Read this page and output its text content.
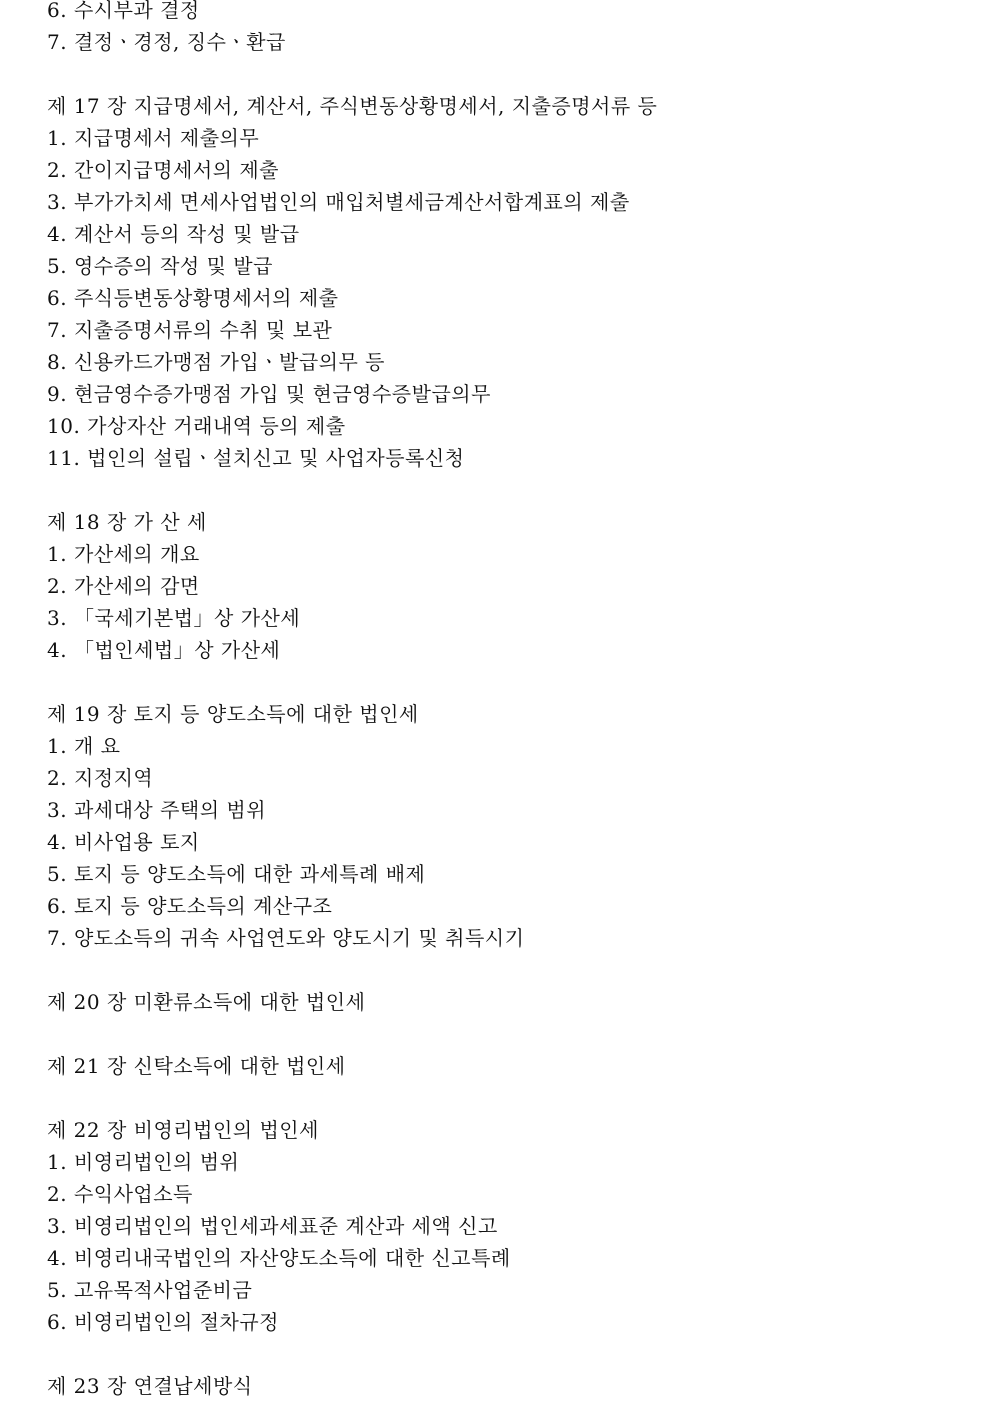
6. 수시부과 결정
7. 결정ㆍ경정, 징수ㆍ환급
제 17 장 지급명세서, 계산서, 주식변동상황명세서, 지출증명서류 등
1. 지급명세서 제출의무
2. 간이지급명세서의 제출
3. 부가가치세 면세사업법인의 매입처별세금계산서합계표의 제출
4. 계산서 등의 작성 및 발급
5. 영수증의 작성 및 발급
6. 주식등변동상황명세서의 제출
7. 지출증명서류의 수취 및 보관
8. 신용카드가맹점 가입ㆍ발급의무 등
9. 현금영수증가맹점 가입 및 현금영수증발급의무
10. 가상자산 거래내역 등의 제출
11. 법인의 설립ㆍ설치신고 및 사업자등록신청
제 18 장 가 산 세
1. 가산세의 개요
2. 가산세의 감면
3. 「국세기본법」상 가산세
4. 「법인세법」상 가산세
제 19 장 토지 등 양도소득에 대한 법인세
1. 개 요
2. 지정지역
3. 과세대상 주택의 범위
4. 비사업용 토지
5. 토지 등 양도소득에 대한 과세특례 배제
6. 토지 등 양도소득의 계산구조
7. 양도소득의 귀속 사업연도와 양도시기 및 취득시기
제 20 장 미환류소득에 대한 법인세
제 21 장 신탁소득에 대한 법인세
제 22 장 비영리법인의 법인세
1. 비영리법인의 범위
2. 수익사업소득
3. 비영리법인의 법인세과세표준 계산과 세액 신고
4. 비영리내국법인의 자산양도소득에 대한 신고특례
5. 고유목적사업준비금
6. 비영리법인의 절차규정
제 23 장 연결납세방식
